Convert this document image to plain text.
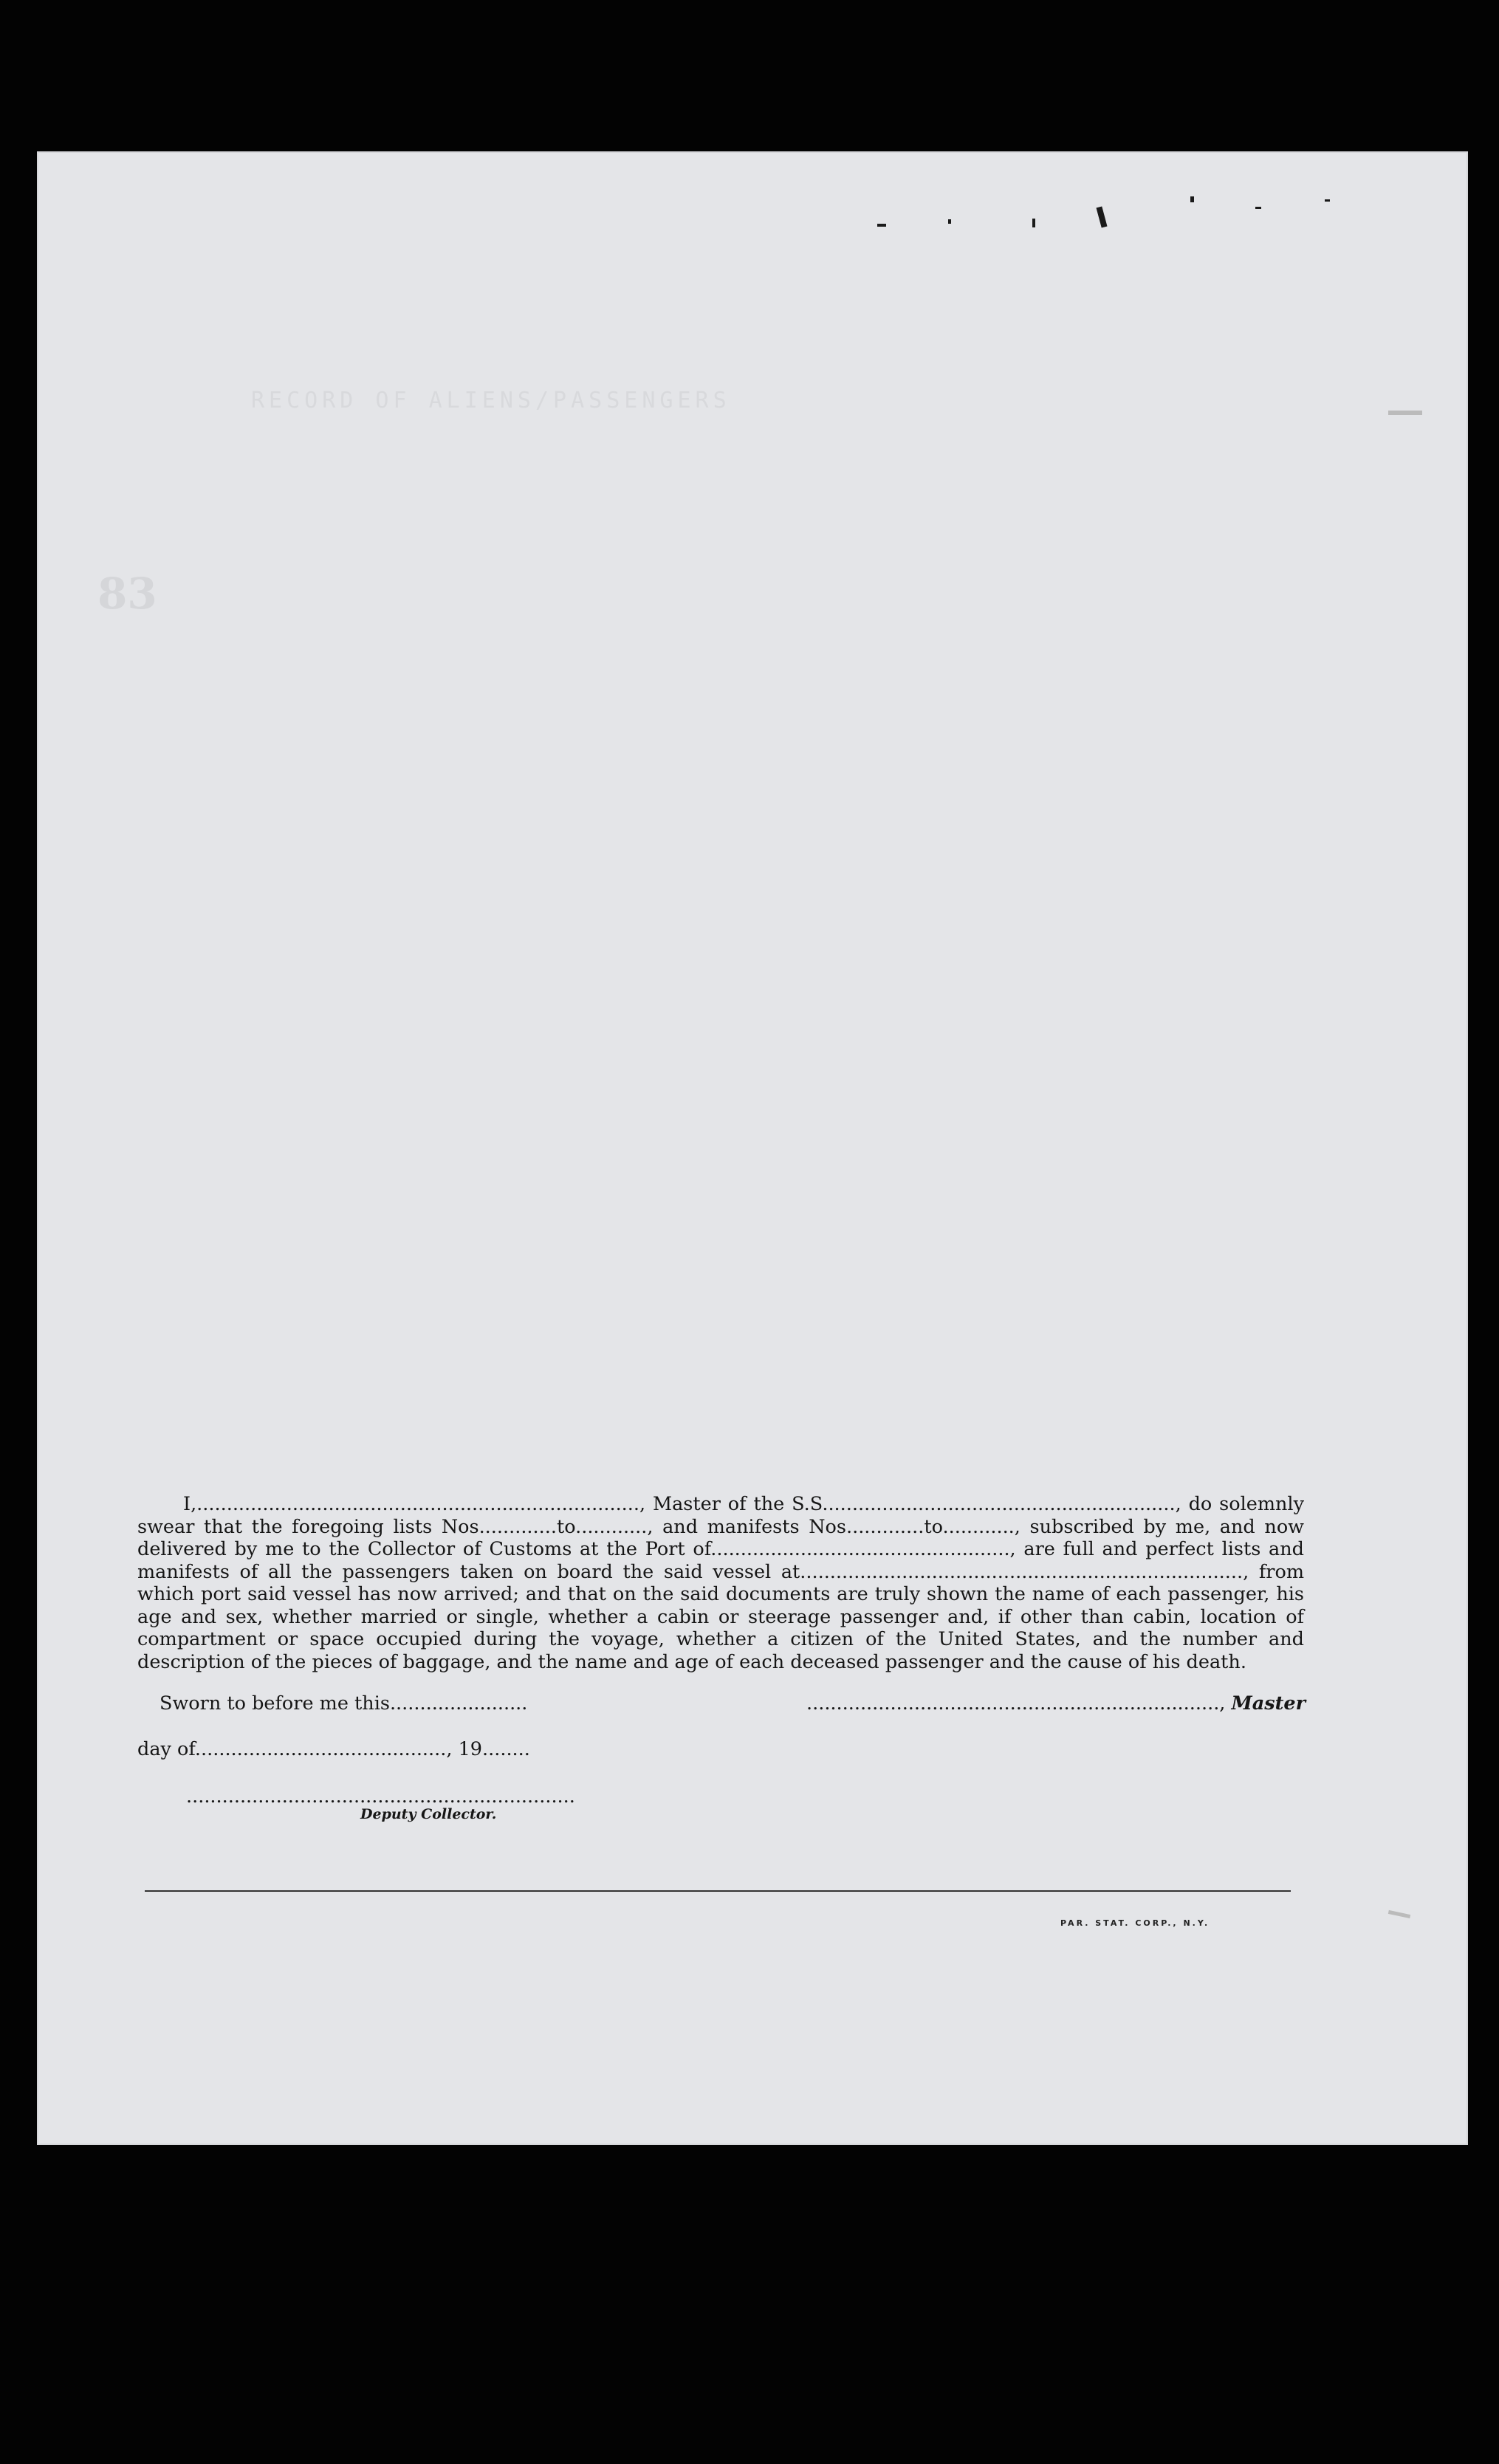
RECORD OF ALIENS/PASSENGERS
83
I,.........................................................................., Master of the S.S..........................................................., do solemnly swear that the foregoing lists Nos.............to............, and manifests Nos.............to............, subscribed by me, and now delivered by me to the Collector of Customs at the Port of.................................................., are full and perfect lists and manifests of all the passengers taken on board the said vessel at.........................................................................., from which port said vessel has now arrived; and that on the said documents are truly shown the name of each passenger, his age and sex, whether married or single, whether a cabin or steerage passenger and, if other than cabin, location of compartment or space occupied during the voyage, whether a citizen of the United States, and the number and description of the pieces of baggage, and the name and age of each deceased passenger and the cause of his death.
Sworn to before me this.......................	....................................................................., Master
day of.........................................., 19........
.................................................................
Deputy Collector.
PAR. STAT. CORP., N.Y.
